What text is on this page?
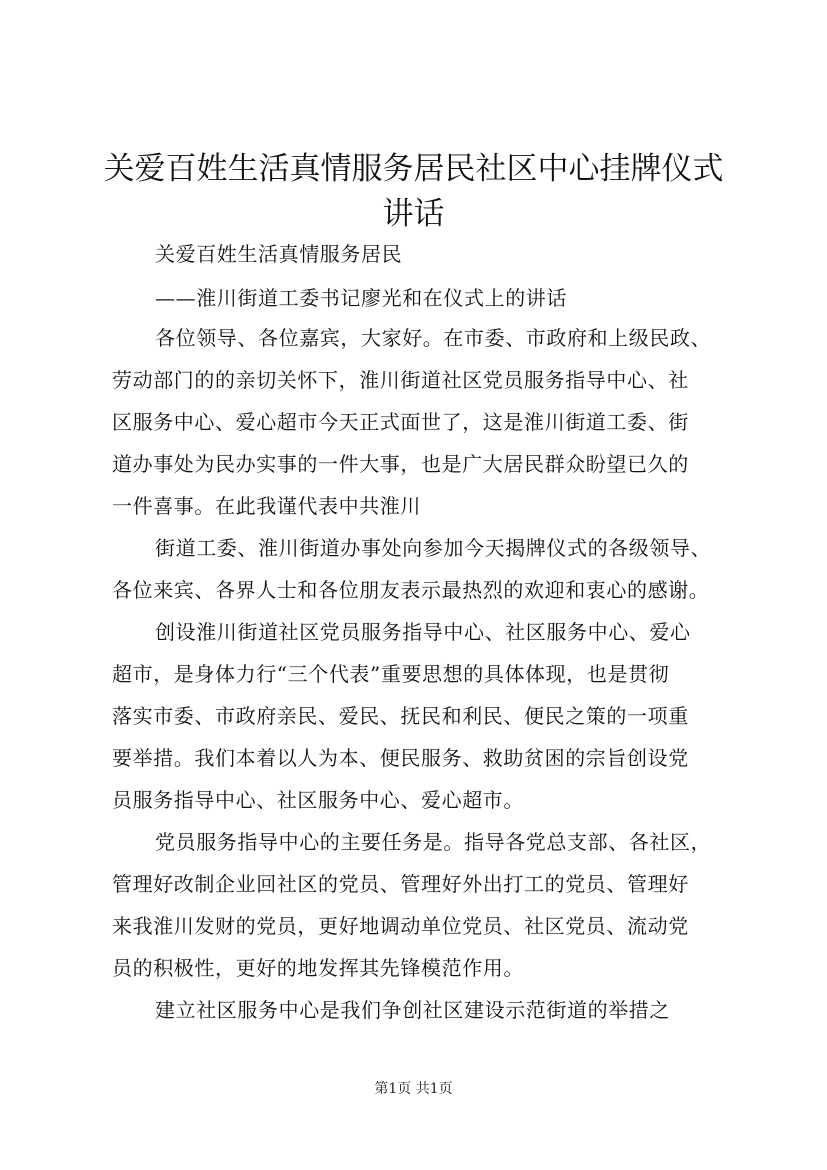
关爱百姓生活真情服务居民社区中心挂牌仪式
讲话

关爱百姓生活真情服务居民

——淮川街道工委书记廖光和在仪式上的讲话

各位领导、各位嘉宾，大家好。在市委、市政府和上级民政、

劳动部门的的亲切关怀下，淮川街道社区党员服务指导中心、社

区服务中心、爱心超市今天正式面世了，这是淮川街道工委、街

道办事处为民办实事的一件大事，也是广大居民群众盼望已久的

一件喜事。在此我谨代表中共淮川

街道工委、淮川街道办事处向参加今天揭牌仪式的各级领导、

各位来宾、各界人士和各位朋友表示最热烈的欢迎和衷心的感谢。

创设淮川街道社区党员服务指导中心、社区服务中心、爱心

超市，是身体力行“三个代表”重要思想的具体体现，也是贯彻

落实市委、市政府亲民、爱民、抚民和利民、便民之策的一项重

要举措。我们本着以人为本、便民服务、救助贫困的宗旨创设党

员服务指导中心、社区服务中心、爱心超市。

党员服务指导中心的主要任务是。指导各党总支部、各社区，

管理好改制企业回社区的党员、管理好外出打工的党员、管理好

来我淮川发财的党员，更好地调动单位党员、社区党员、流动党

员的积极性，更好的地发挥其先锋模范作用。

建立社区服务中心是我们争创社区建设示范街道的举措之

第1页 共1页
